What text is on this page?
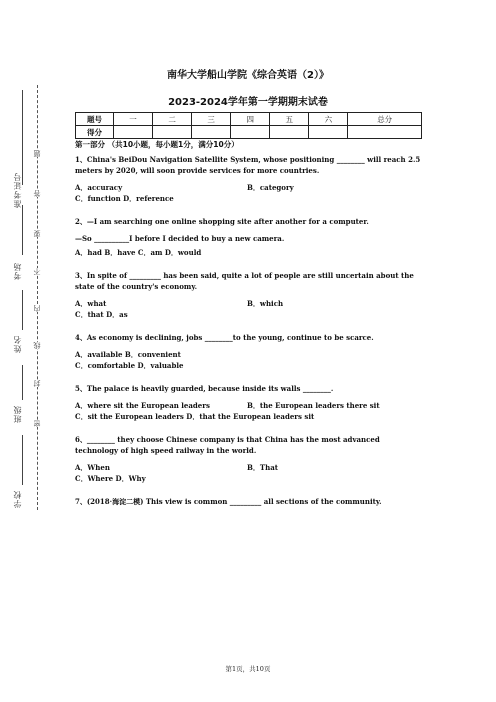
准考证号
考场
姓名
班级
学校
题
答
要
不
内
线
封
密
南华大学船山学院《综合英语（2）》
2023-2024学年第一学期期末试卷
题号	一	二	三	四	五	六	总分
得分							
第一部分 （共10小题，每小题1分，满分10分）

1、China's BeiDou Navigation Satellite System, whose positioning ________ will reach 2.5 meters by 2020, will soon provide services for more countries.

A．accuracy	B．category
C．function D．reference

2、—I am searching one online shopping site after another for a computer.

—So __________I before I decided to buy a new camera.

A．had B．have C．am D．would

3、In spite of _________ has been said, quite a lot of people are still uncertain about the state of the country's economy.

A．what	B．which
C．that D．as

4、As economy is declining, jobs ________to the young, continue to be scarce.

A．available B．convenient
C．comfortable D．valuable

5、The palace is heavily guarded, because inside its walls ________.

A．where sit the European leaders	B．the European leaders there sit
C．sit the European leaders D．that the European leaders sit

6、________ they choose Chinese company is that China has the most advanced technology of high speed railway in the world.

A．When	B．That
C．Where D．Why

7、(2018·海淀二模) This view is common _________ all sections of the community.

第1页，共10页
